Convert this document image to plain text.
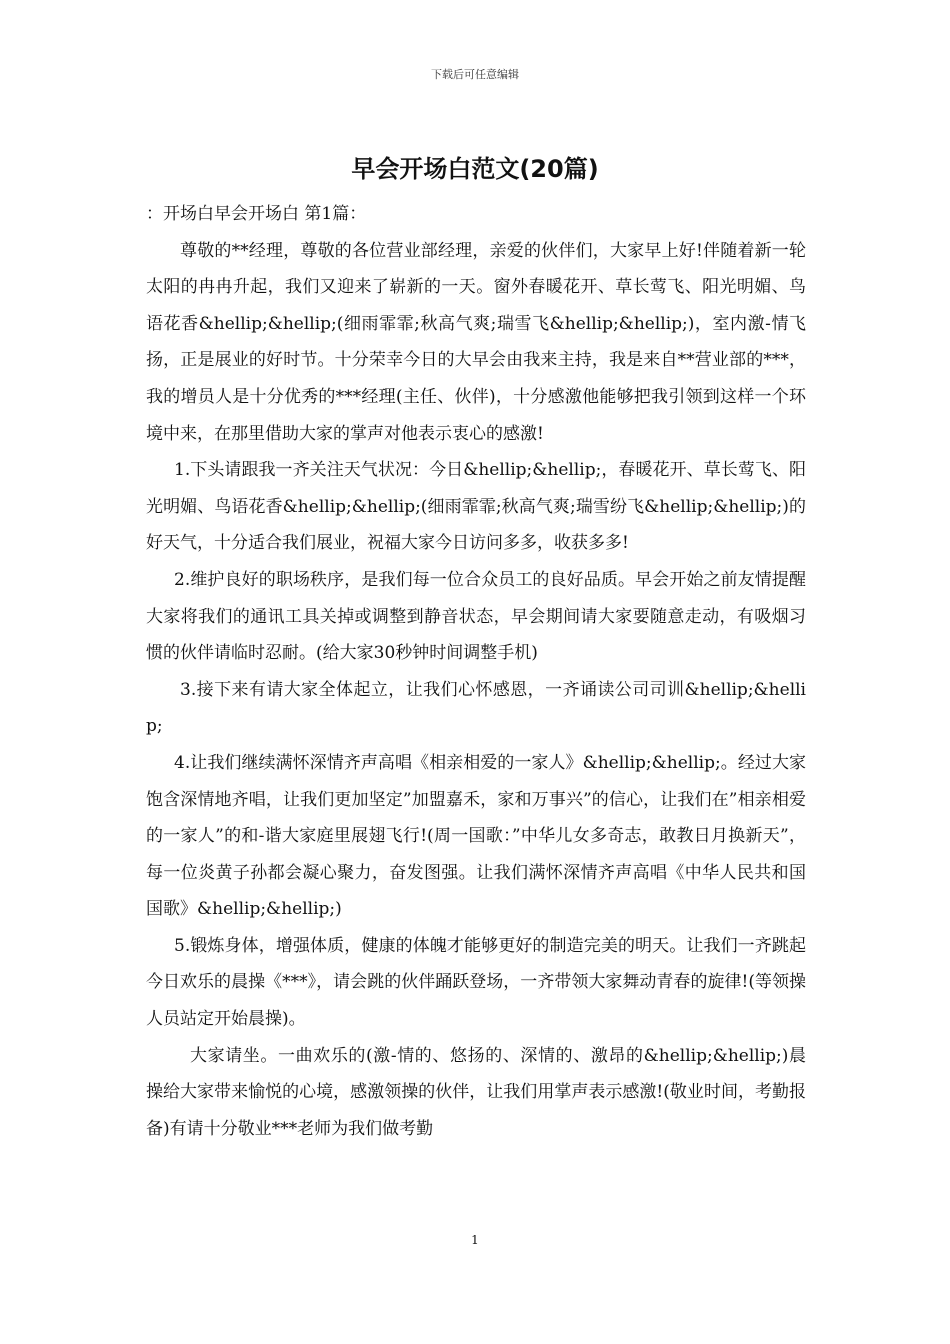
下载后可任意编辑
早会开场白范文(20篇)

：开场白早会开场白 第1篇：

尊敬的**经理，尊敬的各位营业部经理，亲爱的伙伴们，大家早上好!伴随着新一轮太阳的冉冉升起，我们又迎来了崭新的一天。窗外春暖花开、草长莺飞、阳光明媚、鸟语花香&hellip;&hellip;(细雨霏霏;秋高气爽;瑞雪飞&hellip;&hellip;)，室内激-情飞扬，正是展业的好时节。十分荣幸今日的大早会由我来主持，我是来自**营业部的***，我的增员人是十分优秀的***经理(主任、伙伴)，十分感激他能够把我引领到这样一个环境中来，在那里借助大家的掌声对他表示衷心的感激!

1.下头请跟我一齐关注天气状况：今日&hellip;&hellip;，春暖花开、草长莺飞、阳光明媚、鸟语花香&hellip;&hellip;(细雨霏霏;秋高气爽;瑞雪纷飞&hellip;&hellip;)的好天气，十分适合我们展业，祝福大家今日访问多多，收获多多!

2.维护良好的职场秩序，是我们每一位合众员工的良好品质。早会开始之前友情提醒大家将我们的通讯工具关掉或调整到静音状态，早会期间请大家要随意走动，有吸烟习惯的伙伴请临时忍耐。(给大家30秒钟时间调整手机)

3.接下来有请大家全体起立，让我们心怀感恩，一齐诵读公司司训&hellip;&hellip;

4.让我们继续满怀深情齐声高唱《相亲相爱的一家人》&hellip;&hellip;。经过大家饱含深情地齐唱，让我们更加坚定”加盟嘉禾，家和万事兴”的信心，让我们在”相亲相爱的一家人”的和-谐大家庭里展翅飞行!(周一国歌：”中华儿女多奇志，敢教日月换新天”，每一位炎黄子孙都会凝心聚力，奋发图强。让我们满怀深情齐声高唱《中华人民共和国国歌》&hellip;&hellip;)

5.锻炼身体，增强体质，健康的体魄才能够更好的制造完美的明天。让我们一齐跳起今日欢乐的晨操《***》，请会跳的伙伴踊跃登场，一齐带领大家舞动青春的旋律!(等领操人员站定开始晨操)。

大家请坐。一曲欢乐的(激-情的、悠扬的、深情的、激昂的&hellip;&hellip;)晨操给大家带来愉悦的心境，感激领操的伙伴，让我们用掌声表示感激!(敬业时间，考勤报备)有请十分敬业***老师为我们做考勤

1
